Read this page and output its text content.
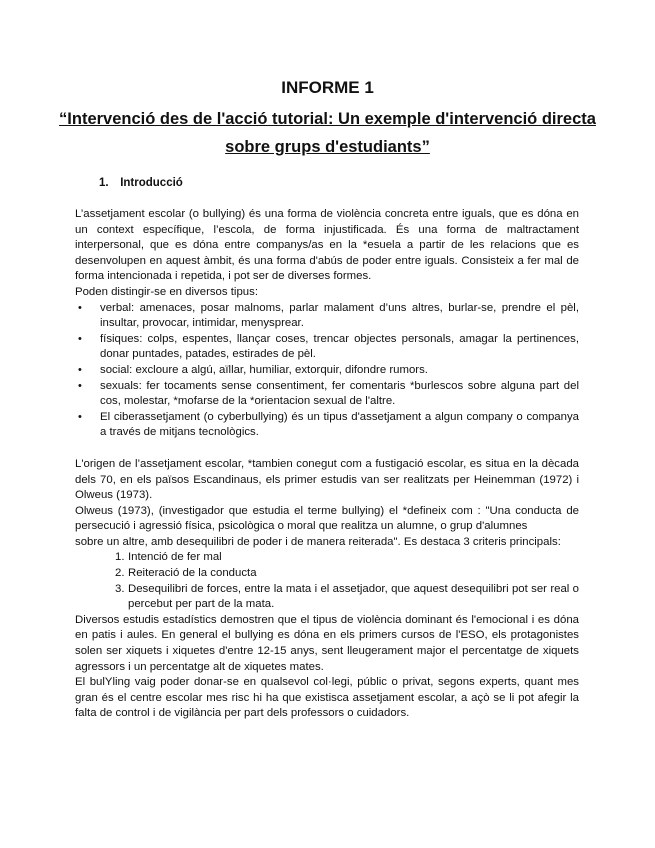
INFORME 1
“Intervenció des de l'acció tutorial: Un exemple d'intervenció directa sobre grups d'estudiants”
1. Introducció

L’assetjament escolar (o bullying) és una forma de violència concreta entre iguals, que es dóna en un context específique, l’escola, de forma injustificada. És una forma de maltractament interpersonal, que es dóna entre companys/as en la *esuela a partir de les relacions que es desenvolupen en aquest àmbit, és una forma d'abús de poder entre iguals. Consisteix a fer mal de forma intencionada i repetida, i pot ser de diverses formes.

Poden distingir-se en diversos tipus:

• verbal: amenaces, posar malnoms, parlar malament d’uns altres, burlar-se, prendre el pèl, insultar, provocar, intimidar, menysprear.
• físiques: colps, espentes, llançar coses, trencar objectes personals, amagar la pertinences, donar puntades, patades, estirades de pèl.
• social: excloure a algú, aïllar, humiliar, extorquir, difondre rumors.
• sexuals: fer tocaments sense consentiment, fer comentaris *burlescos sobre alguna part del cos, molestar, *mofarse de la *orientacion sexual de l'altre.
• El ciberassetjament (o cyberbullying) és un tipus d'assetjament a algun company o companya a través de mitjans tecnològics.

L'origen de l’assetjament escolar, *tambien conegut com a fustigació escolar, es situa en la dècada dels 70, en els països Escandinaus, els primer estudis van ser realitzats per Heinemman (1972) i Olweus (1973).

Olweus (1973), (investigador que estudia el terme bullying) el *defineix com : "Una conducta de persecució i agressió física, psicològica o moral que realitza un alumne, o grup d'alumnes

sobre un altre, amb desequilibri de poder i de manera reiterada". Es destaca 3 criteris principals:

1. Intenció de fer mal
2. Reiteració de la conducta
3. Desequilibri de forces, entre la mata i el assetjador, que aquest desequilibri pot ser real o percebut per part de la mata.

Diversos estudis estadístics demostren que el tipus de violència dominant és l'emocional i es dóna en patis i aules. En general el bullying es dóna en els primers cursos de l'ESO, els protagonistes solen ser xiquets i xiquetes d'entre 12-15 anys, sent lleugerament major el percentatge de xiquets agressors i un percentatge alt de xiquetes mates.

El bulYling vaig poder donar-se en qualsevol col·legi, públic o privat, segons experts, quant mes gran és el centre escolar mes risc hi ha que existisca assetjament escolar, a açò se li pot afegir la falta de control i de vigilància per part dels professors o cuidadors.
